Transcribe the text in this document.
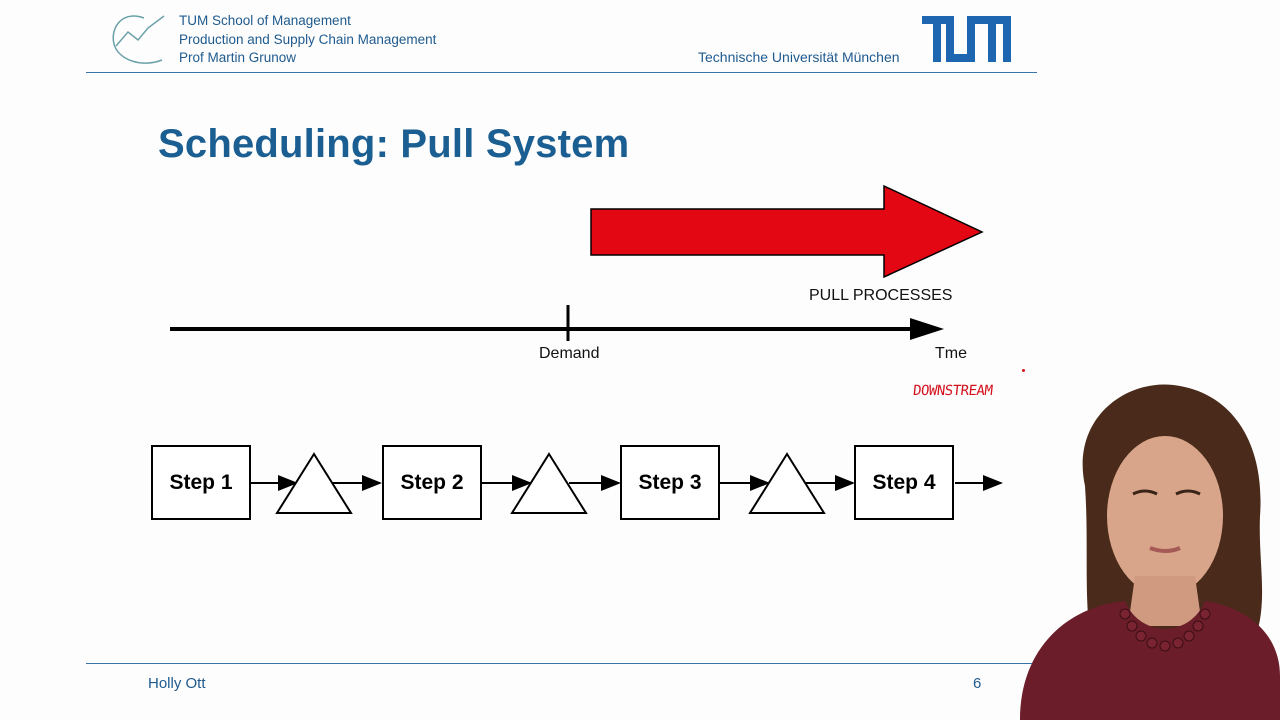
TUM School of Management
Production and Supply Chain Management
Prof Martin Grunow	Technische Universität München
Scheduling: Pull System
PULL PROCESSES
Demand	Tme
DOWNSTREAM
Step 1	Step 2	Step 3	Step 4
Holly Ott	6
